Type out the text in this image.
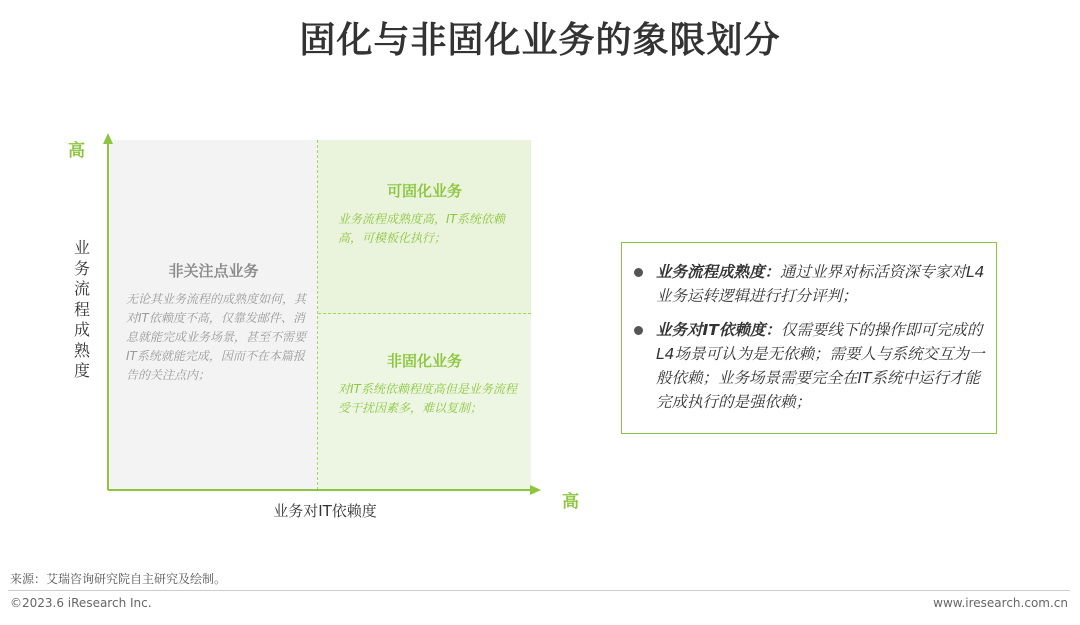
固化与非固化业务的象限划分
高
高
业务流程成熟度
业务对IT依赖度
非关注点业务
无论其业务流程的成熟度如何，其对IT依赖度不高，仅靠发邮件、消息就能完成业务场景，甚至不需要IT系统就能完成，因而不在本篇报告的关注点内；
可固化业务
业务流程成熟度高，IT系统依赖高，可模板化执行；
非固化业务
对IT系统依赖程度高但是业务流程受干扰因素多，难以复制；
业务流程成熟度：通过业界对标活资深专家对L4业务运转逻辑进行打分评判；
业务对IT依赖度：仅需要线下的操作即可完成的L4场景可认为是无依赖；需要人与系统交互为一般依赖；业务场景需要完全在IT系统中运行才能完成执行的是强依赖；
来源：艾瑞咨询研究院自主研究及绘制。
©2023.6 iResearch Inc.	www.iresearch.com.cn
